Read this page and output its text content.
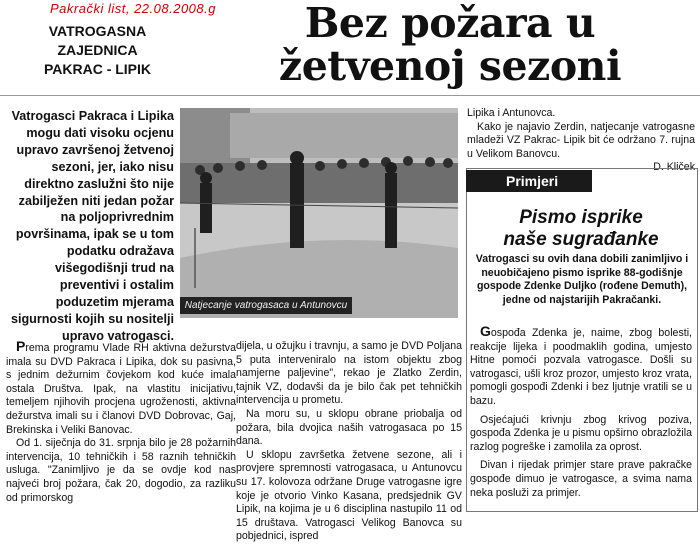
Pakrački list, 22.08.2008.g
VATROGASNA
ZAJEDNICA
PAKRAC - LIPIK
Bez požara u
žetvenoj sezoni
Vatrogasci Pakraca i Lipika mogu dati visoku ocjenu upravo završenoj žetvenoj sezoni, jer, iako nisu direktno zaslužni što nije zabilježen niti jedan požar na poljoprivrednim površinama, ipak se u tom podatku odražava višegodišnji trud na preventivi i ostalim poduzetim mjerama sigurnosti kojih su nositelji upravo vatrogasci.
Natjecanje vatrogasaca u Antunovcu

Prema programu Vlade RH aktivna dežurstva imala su DVD Pakraca i Lipika, dok su pasivna, s jednim dežurnim čovjekom kod kuće imala ostala Društva. Ipak, na vlastitu inicijativu, temeljem njihovih procjena ugroženosti, aktivna dežurstva imali su i članovi DVD Dobrovac, Gaj, Brekinska i Veliki Banovac.

Od 1. siječnja do 31. srpnja bilo je 28 požarnih intervencija, 10 tehničkih i 58 raznih tehničkih usluga. "Zanimljivo je da se ovdje kod nas najveći broj požara, čak 20, dogodio, za razliku od primorskog

dijela, u ožujku i travnju, a samo je DVD Poljana 5 puta interveniralo na istom objektu zbog namjerne paljevine", rekao je Zlatko Zerdin, tajnik VZ, dodavši da je bilo čak pet tehničkih intervencija u prometu.

Na moru su, u sklopu obrane priobalja od požara, bila dvojica naših vatrogasaca po 15 dana.

U sklopu završetka žetvene sezone, ali i provjere spremnosti vatrogasaca, u Antunovcu su 17. kolovoza održane Druge vatrogasne igre koje je otvorio Vinko Kasana, predsjednik GV Lipik, na kojima je u 6 disciplina nastupilo 11 od 15 društava. Vatrogasci Velikog Banovca su pobjednici, ispred

Lipika i Antunovca.

Kako je najavio Zerdin, natjecanje vatrogasne mladeži VZ Pakrac- Lipik bit će održano 7. rujna u Velikom Banovcu.

D. Kliček
Primjeri
Pismo isprike
naše sugrađanke
Vatrogasci su ovih dana dobili zanimljivo i neuobičajeno pismo isprike 88-godišnje gospode Zdenke Duljko (rođene Demuth), jedne od najstarijih Pakračanki.

Gospođa Zdenka je, naime, zbog bolesti, reakcije lijeka i poodmaklih godina, umjesto Hitne pomoći pozvala vatrogasce. Došli su vatrogasci, ušli kroz prozor, umjesto kroz vrata, pomogli gospođi Zdenki i bez ljutnje vratili se u bazu.

Osjećajući krivnju zbog krivog poziva, gospođa Zdenka je u pismu opširno obrazložila razlog pogreške i zamolila za oprost.

Divan i rijedak primjer stare prave pakračke gospođe dimuo je vatrogasce, a svima nama neka posluži za primjer.
